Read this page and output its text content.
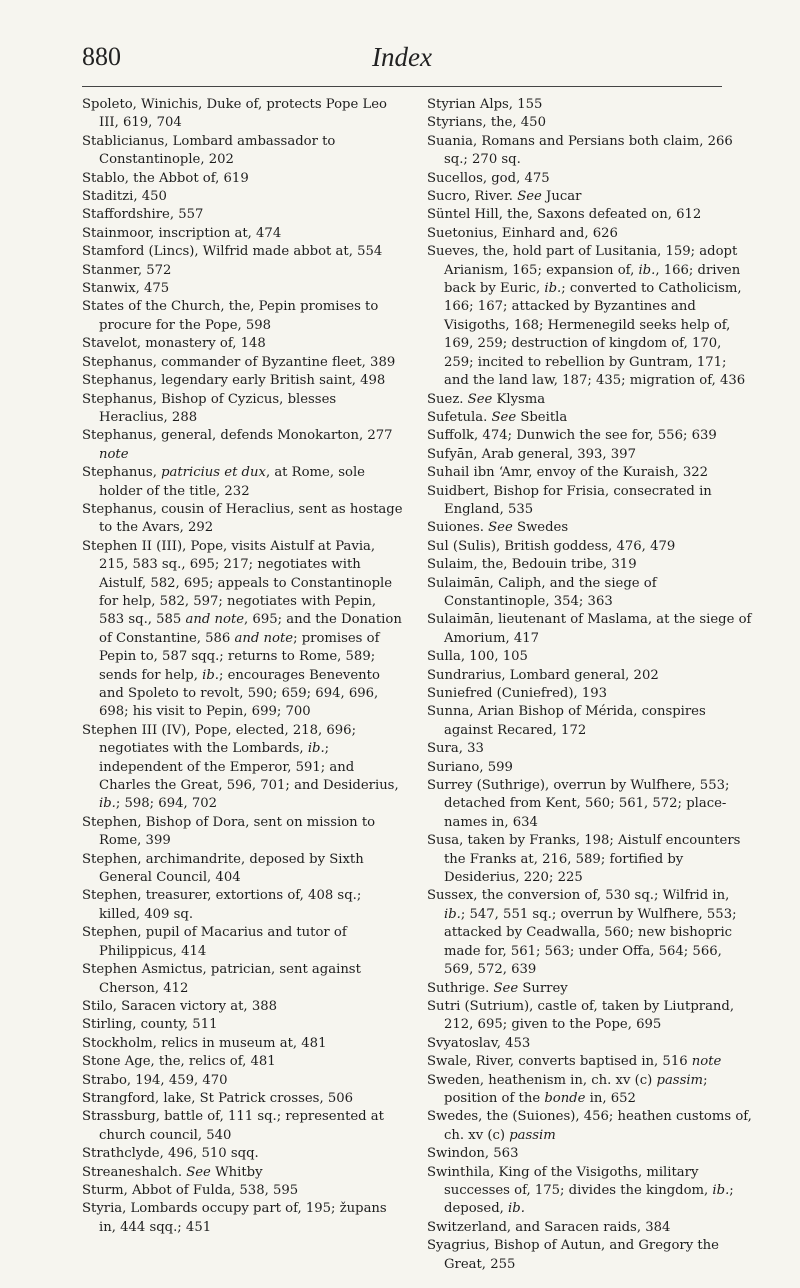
880	Index

Spoleto, Winichis, Duke of, protects Pope Leo III, 619, 704

Stablicianus, Lombard ambassador to Constantinople, 202

Stablo, the Abbot of, 619

Staditzi, 450

Staffordshire, 557

Stainmoor, inscription at, 474

Stamford (Lincs), Wilfrid made abbot at, 554

Stanmer, 572

Stanwix, 475

States of the Church, the, Pepin promises to procure for the Pope, 598

Stavelot, monastery of, 148

Stephanus, commander of Byzantine fleet, 389

Stephanus, legendary early British saint, 498

Stephanus, Bishop of Cyzicus, blesses Heraclius, 288

Stephanus, general, defends Monokarton, 277 note

Stephanus, patricius et dux, at Rome, sole holder of the title, 232

Stephanus, cousin of Heraclius, sent as hostage to the Avars, 292

Stephen II (III), Pope, visits Aistulf at Pavia, 215, 583 sq., 695; 217; negotiates with Aistulf, 582, 695; appeals to Constantinople for help, 582, 597; negotiates with Pepin, 583 sq., 585 and note, 695; and the Donation of Constantine, 586 and note; promises of Pepin to, 587 sqq.; returns to Rome, 589; sends for help, ib.; encourages Benevento and Spoleto to revolt, 590; 659; 694, 696, 698; his visit to Pepin, 699; 700

Stephen III (IV), Pope, elected, 218, 696; negotiates with the Lombards, ib.; independent of the Emperor, 591; and Charles the Great, 596, 701; and Desiderius, ib.; 598; 694, 702

Stephen, Bishop of Dora, sent on mission to Rome, 399

Stephen, archimandrite, deposed by Sixth General Council, 404

Stephen, treasurer, extortions of, 408 sq.; killed, 409 sq.

Stephen, pupil of Macarius and tutor of Philippicus, 414

Stephen Asmictus, patrician, sent against Cherson, 412

Stilo, Saracen victory at, 388

Stirling, county, 511

Stockholm, relics in museum at, 481

Stone Age, the, relics of, 481

Strabo, 194, 459, 470

Strangford, lake, St Patrick crosses, 506

Strassburg, battle of, 111 sq.; represented at church council, 540

Strathclyde, 496, 510 sqq.

Streaneshalch. See Whitby

Sturm, Abbot of Fulda, 538, 595

Styria, Lombards occupy part of, 195; župans in, 444 sqq.; 451

Styrian Alps, 155

Styrians, the, 450

Suania, Romans and Persians both claim, 266 sq.; 270 sq.

Sucellos, god, 475

Sucro, River. See Jucar

Süntel Hill, the, Saxons defeated on, 612

Suetonius, Einhard and, 626

Sueves, the, hold part of Lusitania, 159; adopt Arianism, 165; expansion of, ib., 166; driven back by Euric, ib.; converted to Catholicism, 166; 167; attacked by Byzantines and Visigoths, 168; Hermenegild seeks help of, 169, 259; destruction of kingdom of, 170, 259; incited to rebellion by Guntram, 171; and the land law, 187; 435; migration of, 436

Suez. See Klysma

Sufetula. See Sbeitla

Suffolk, 474; Dunwich the see for, 556; 639

Sufyān, Arab general, 393, 397

Suhail ibn ‘Amr, envoy of the Kuraish, 322

Suidbert, Bishop for Frisia, consecrated in England, 535

Suiones. See Swedes

Sul (Sulis), British goddess, 476, 479

Sulaim, the, Bedouin tribe, 319

Sulaimān, Caliph, and the siege of Constantinople, 354; 363

Sulaimān, lieutenant of Maslama, at the siege of Amorium, 417

Sulla, 100, 105

Sundrarius, Lombard general, 202

Suniefred (Cuniefred), 193

Sunna, Arian Bishop of Mérida, conspires against Recared, 172

Sura, 33

Suriano, 599

Surrey (Suthrige), overrun by Wulfhere, 553; detached from Kent, 560; 561, 572; place-names in, 634

Susa, taken by Franks, 198; Aistulf encounters the Franks at, 216, 589; fortified by Desiderius, 220; 225

Sussex, the conversion of, 530 sq.; Wilfrid in, ib.; 547, 551 sq.; overrun by Wulfhere, 553; attacked by Ceadwalla, 560; new bishopric made for, 561; 563; under Offa, 564; 566, 569, 572, 639

Suthrige. See Surrey

Sutri (Sutrium), castle of, taken by Liutprand, 212, 695; given to the Pope, 695

Svyatoslav, 453

Swale, River, converts baptised in, 516 note

Sweden, heathenism in, ch. xv (c) passim; position of the bonde in, 652

Swedes, the (Suiones), 456; heathen customs of, ch. xv (c) passim

Swindon, 563

Swinthila, King of the Visigoths, military successes of, 175; divides the kingdom, ib.; deposed, ib.

Switzerland, and Saracen raids, 384

Syagrius, Bishop of Autun, and Gregory the Great, 255
